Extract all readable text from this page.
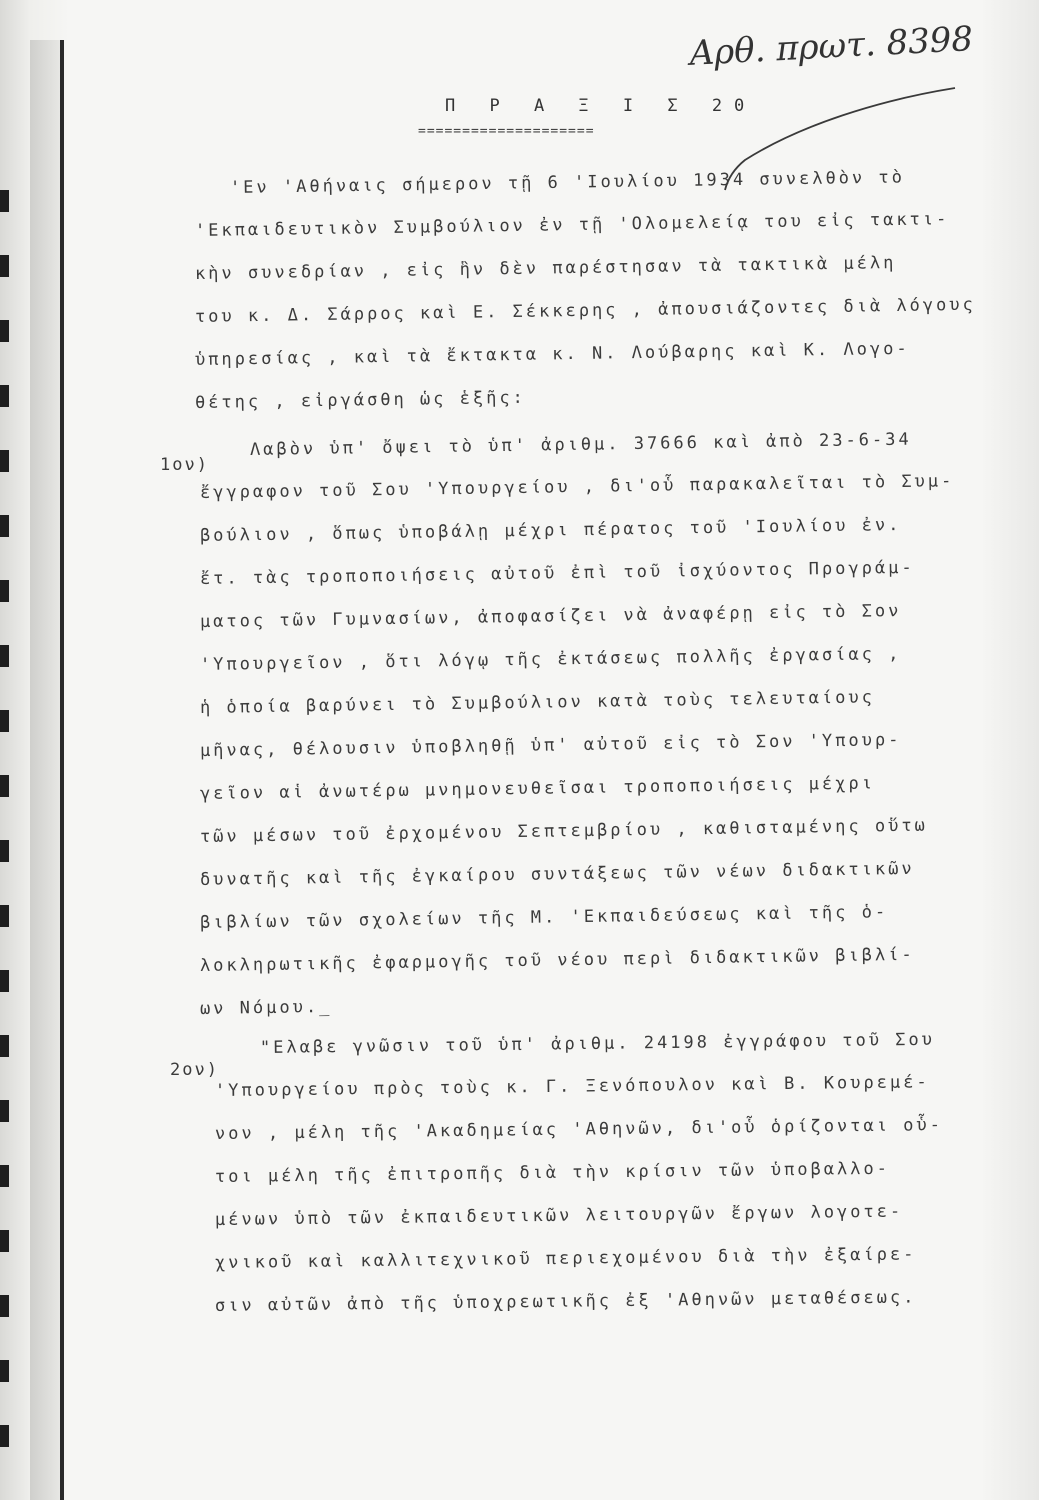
Αρθ. πρωτ. 8398
Π Ρ Α Ξ Ι Σ 20
====================
'Εν 'Αθήναις σήμερον τῇ 6 'Ιουλίου 1934 συνελθὸν τὸ
'Εκπαιδευτικὸν Συμβούλιον ἐν τῇ 'Ολομελείᾳ του εἰς τακτι-
κὴν συνεδρίαν , εἰς ἣν δὲν παρέστησαν τὰ τακτικὰ μέλη
του κ. Δ. Σάρρος καὶ Ε. Σέκκερης , ἀπουσιάζοντες διὰ λόγους
ὑπηρεσίας , καὶ τὰ ἔκτακτα κ. Ν. Λούβαρης καὶ Κ. Λογο-
θέτης , εἰργάσθη ὡς ἑξῆς:
1ον)
Λαβὸν ὑπ' ὄψει τὸ ὑπ' ἀριθμ. 37666 καὶ ἀπὸ 23-6-34
ἔγγραφον τοῦ Σου 'Υπουργείου , δι'οὗ παρακαλεῖται τὸ Συμ-
βούλιον , ὅπως ὑποβάλῃ μέχρι πέρατος τοῦ 'Ιουλίου ἐν.
ἔτ. τὰς τροποποιήσεις αὐτοῦ ἐπὶ τοῦ ἰσχύοντος Προγράμ-
ματος τῶν Γυμνασίων, ἀποφασίζει νὰ ἀναφέρῃ εἰς τὸ Σον
'Υπουργεῖον , ὅτι λόγῳ τῆς ἐκτάσεως πολλῆς ἐργασίας ,
ἡ ὁποία βαρύνει τὸ Συμβούλιον κατὰ τοὺς τελευταίους
μῆνας, θέλουσιν ὑποβληθῇ ὑπ' αὐτοῦ εἰς τὸ Σον 'Υπουρ-
γεῖον αἱ ἀνωτέρω μνημονευθεῖσαι τροποποιήσεις μέχρι
τῶν μέσων τοῦ ἐρχομένου Σεπτεμβρίου , καθισταμένης οὕτω
δυνατῆς καὶ τῆς ἐγκαίρου συντάξεως τῶν νέων διδακτικῶν
βιβλίων τῶν σχολείων τῆς Μ. 'Εκπαιδεύσεως καὶ τῆς ὁ-
λοκληρωτικῆς ἐφαρμογῆς τοῦ νέου περὶ διδακτικῶν βιβλί-
ων Νόμου._
2ον)
"Ελαβε γνῶσιν τοῦ ὑπ' ἀριθμ. 24198 ἐγγράφου τοῦ Σου
'Υπουργείου πρὸς τοὺς κ. Γ. Ξενόπουλον καὶ Β. Κουρεμέ-
νον , μέλη τῆς 'Ακαδημείας 'Αθηνῶν, δι'οὗ ὁρίζονται οὗ-
τοι μέλη τῆς ἐπιτροπῆς διὰ τὴν κρίσιν τῶν ὑποβαλλο-
μένων ὑπὸ τῶν ἐκπαιδευτικῶν λειτουργῶν ἔργων λογοτε-
χνικοῦ καὶ καλλιτεχνικοῦ περιεχομένου διὰ τὴν ἐξαίρε-
σιν αὐτῶν ἀπὸ τῆς ὑποχρεωτικῆς ἐξ 'Αθηνῶν μεταθέσεως.
